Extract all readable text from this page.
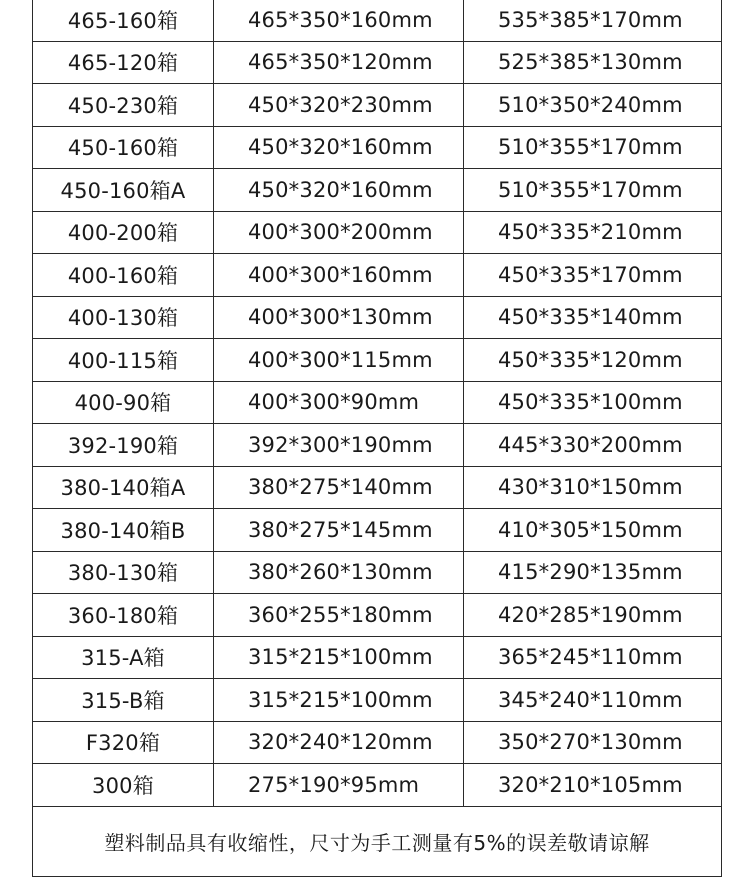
465-160箱	465*350*160mm	535*385*170mm
465-120箱	465*350*120mm	525*385*130mm
450-230箱	450*320*230mm	510*350*240mm
450-160箱	450*320*160mm	510*355*170mm
450-160箱A	450*320*160mm	510*355*170mm
400-200箱	400*300*200mm	450*335*210mm
400-160箱	400*300*160mm	450*335*170mm
400-130箱	400*300*130mm	450*335*140mm
400-115箱	400*300*115mm	450*335*120mm
400-90箱	400*300*90mm	450*335*100mm
392-190箱	392*300*190mm	445*330*200mm
380-140箱A	380*275*140mm	430*310*150mm
380-140箱B	380*275*145mm	410*305*150mm
380-130箱	380*260*130mm	415*290*135mm
360-180箱	360*255*180mm	420*285*190mm
315-A箱	315*215*100mm	365*245*110mm
315-B箱	315*215*100mm	345*240*110mm
F320箱	320*240*120mm	350*270*130mm
300箱	275*190*95mm	320*210*105mm
塑料制品具有收缩性，尺寸为手工测量有5%的误差敬请谅解		
